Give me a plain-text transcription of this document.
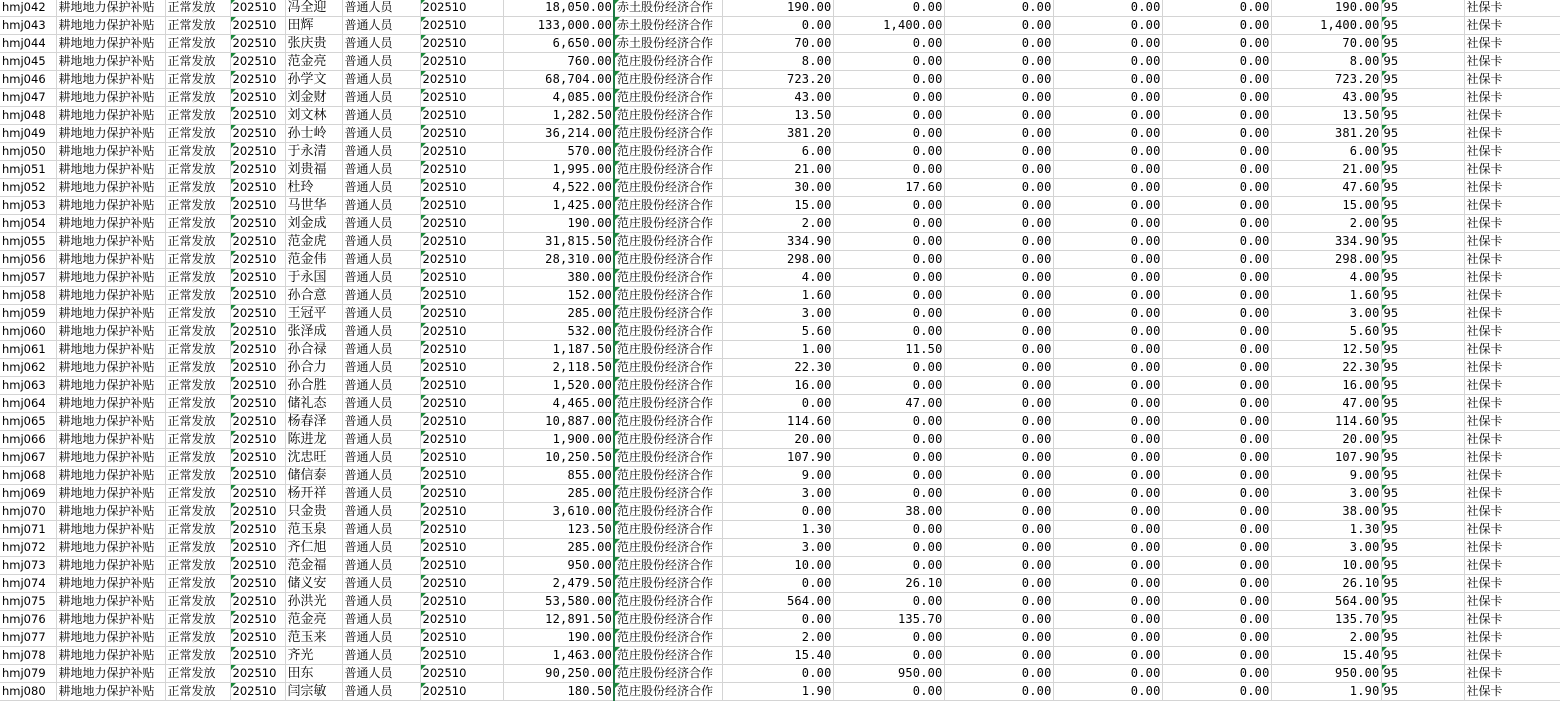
hmj042	耕地地力保护补贴	正常发放	202510	冯全迎	普通人员	202510	18,050.00	赤土股份经济合作	190.00	0.00	0.00	0.00	0.00	190.00	95	社保卡
hmj043	耕地地力保护补贴	正常发放	202510	田辉	普通人员	202510	133,000.00	赤土股份经济合作	0.00	1,400.00	0.00	0.00	0.00	1,400.00	95	社保卡
hmj044	耕地地力保护补贴	正常发放	202510	张庆贵	普通人员	202510	6,650.00	赤土股份经济合作	70.00	0.00	0.00	0.00	0.00	70.00	95	社保卡
hmj045	耕地地力保护补贴	正常发放	202510	范金亮	普通人员	202510	760.00	范庄股份经济合作	8.00	0.00	0.00	0.00	0.00	8.00	95	社保卡
hmj046	耕地地力保护补贴	正常发放	202510	孙学文	普通人员	202510	68,704.00	范庄股份经济合作	723.20	0.00	0.00	0.00	0.00	723.20	95	社保卡
hmj047	耕地地力保护补贴	正常发放	202510	刘金财	普通人员	202510	4,085.00	范庄股份经济合作	43.00	0.00	0.00	0.00	0.00	43.00	95	社保卡
hmj048	耕地地力保护补贴	正常发放	202510	刘文林	普通人员	202510	1,282.50	范庄股份经济合作	13.50	0.00	0.00	0.00	0.00	13.50	95	社保卡
hmj049	耕地地力保护补贴	正常发放	202510	孙士岭	普通人员	202510	36,214.00	范庄股份经济合作	381.20	0.00	0.00	0.00	0.00	381.20	95	社保卡
hmj050	耕地地力保护补贴	正常发放	202510	于永清	普通人员	202510	570.00	范庄股份经济合作	6.00	0.00	0.00	0.00	0.00	6.00	95	社保卡
hmj051	耕地地力保护补贴	正常发放	202510	刘贵福	普通人员	202510	1,995.00	范庄股份经济合作	21.00	0.00	0.00	0.00	0.00	21.00	95	社保卡
hmj052	耕地地力保护补贴	正常发放	202510	杜玲	普通人员	202510	4,522.00	范庄股份经济合作	30.00	17.60	0.00	0.00	0.00	47.60	95	社保卡
hmj053	耕地地力保护补贴	正常发放	202510	马世华	普通人员	202510	1,425.00	范庄股份经济合作	15.00	0.00	0.00	0.00	0.00	15.00	95	社保卡
hmj054	耕地地力保护补贴	正常发放	202510	刘金成	普通人员	202510	190.00	范庄股份经济合作	2.00	0.00	0.00	0.00	0.00	2.00	95	社保卡
hmj055	耕地地力保护补贴	正常发放	202510	范金虎	普通人员	202510	31,815.50	范庄股份经济合作	334.90	0.00	0.00	0.00	0.00	334.90	95	社保卡
hmj056	耕地地力保护补贴	正常发放	202510	范金伟	普通人员	202510	28,310.00	范庄股份经济合作	298.00	0.00	0.00	0.00	0.00	298.00	95	社保卡
hmj057	耕地地力保护补贴	正常发放	202510	于永国	普通人员	202510	380.00	范庄股份经济合作	4.00	0.00	0.00	0.00	0.00	4.00	95	社保卡
hmj058	耕地地力保护补贴	正常发放	202510	孙合意	普通人员	202510	152.00	范庄股份经济合作	1.60	0.00	0.00	0.00	0.00	1.60	95	社保卡
hmj059	耕地地力保护补贴	正常发放	202510	王冠平	普通人员	202510	285.00	范庄股份经济合作	3.00	0.00	0.00	0.00	0.00	3.00	95	社保卡
hmj060	耕地地力保护补贴	正常发放	202510	张泽成	普通人员	202510	532.00	范庄股份经济合作	5.60	0.00	0.00	0.00	0.00	5.60	95	社保卡
hmj061	耕地地力保护补贴	正常发放	202510	孙合禄	普通人员	202510	1,187.50	范庄股份经济合作	1.00	11.50	0.00	0.00	0.00	12.50	95	社保卡
hmj062	耕地地力保护补贴	正常发放	202510	孙合力	普通人员	202510	2,118.50	范庄股份经济合作	22.30	0.00	0.00	0.00	0.00	22.30	95	社保卡
hmj063	耕地地力保护补贴	正常发放	202510	孙合胜	普通人员	202510	1,520.00	范庄股份经济合作	16.00	0.00	0.00	0.00	0.00	16.00	95	社保卡
hmj064	耕地地力保护补贴	正常发放	202510	储礼态	普通人员	202510	4,465.00	范庄股份经济合作	0.00	47.00	0.00	0.00	0.00	47.00	95	社保卡
hmj065	耕地地力保护补贴	正常发放	202510	杨春泽	普通人员	202510	10,887.00	范庄股份经济合作	114.60	0.00	0.00	0.00	0.00	114.60	95	社保卡
hmj066	耕地地力保护补贴	正常发放	202510	陈进龙	普通人员	202510	1,900.00	范庄股份经济合作	20.00	0.00	0.00	0.00	0.00	20.00	95	社保卡
hmj067	耕地地力保护补贴	正常发放	202510	沈忠旺	普通人员	202510	10,250.50	范庄股份经济合作	107.90	0.00	0.00	0.00	0.00	107.90	95	社保卡
hmj068	耕地地力保护补贴	正常发放	202510	储信泰	普通人员	202510	855.00	范庄股份经济合作	9.00	0.00	0.00	0.00	0.00	9.00	95	社保卡
hmj069	耕地地力保护补贴	正常发放	202510	杨开祥	普通人员	202510	285.00	范庄股份经济合作	3.00	0.00	0.00	0.00	0.00	3.00	95	社保卡
hmj070	耕地地力保护补贴	正常发放	202510	只金贵	普通人员	202510	3,610.00	范庄股份经济合作	0.00	38.00	0.00	0.00	0.00	38.00	95	社保卡
hmj071	耕地地力保护补贴	正常发放	202510	范玉泉	普通人员	202510	123.50	范庄股份经济合作	1.30	0.00	0.00	0.00	0.00	1.30	95	社保卡
hmj072	耕地地力保护补贴	正常发放	202510	齐仁旭	普通人员	202510	285.00	范庄股份经济合作	3.00	0.00	0.00	0.00	0.00	3.00	95	社保卡
hmj073	耕地地力保护补贴	正常发放	202510	范金福	普通人员	202510	950.00	范庄股份经济合作	10.00	0.00	0.00	0.00	0.00	10.00	95	社保卡
hmj074	耕地地力保护补贴	正常发放	202510	储义安	普通人员	202510	2,479.50	范庄股份经济合作	0.00	26.10	0.00	0.00	0.00	26.10	95	社保卡
hmj075	耕地地力保护补贴	正常发放	202510	孙洪光	普通人员	202510	53,580.00	范庄股份经济合作	564.00	0.00	0.00	0.00	0.00	564.00	95	社保卡
hmj076	耕地地力保护补贴	正常发放	202510	范金亮	普通人员	202510	12,891.50	范庄股份经济合作	0.00	135.70	0.00	0.00	0.00	135.70	95	社保卡
hmj077	耕地地力保护补贴	正常发放	202510	范玉来	普通人员	202510	190.00	范庄股份经济合作	2.00	0.00	0.00	0.00	0.00	2.00	95	社保卡
hmj078	耕地地力保护补贴	正常发放	202510	齐光	普通人员	202510	1,463.00	范庄股份经济合作	15.40	0.00	0.00	0.00	0.00	15.40	95	社保卡
hmj079	耕地地力保护补贴	正常发放	202510	田东	普通人员	202510	90,250.00	范庄股份经济合作	0.00	950.00	0.00	0.00	0.00	950.00	95	社保卡
hmj080	耕地地力保护补贴	正常发放	202510	闫宗敏	普通人员	202510	180.50	范庄股份经济合作	1.90	0.00	0.00	0.00	0.00	1.90	95	社保卡
